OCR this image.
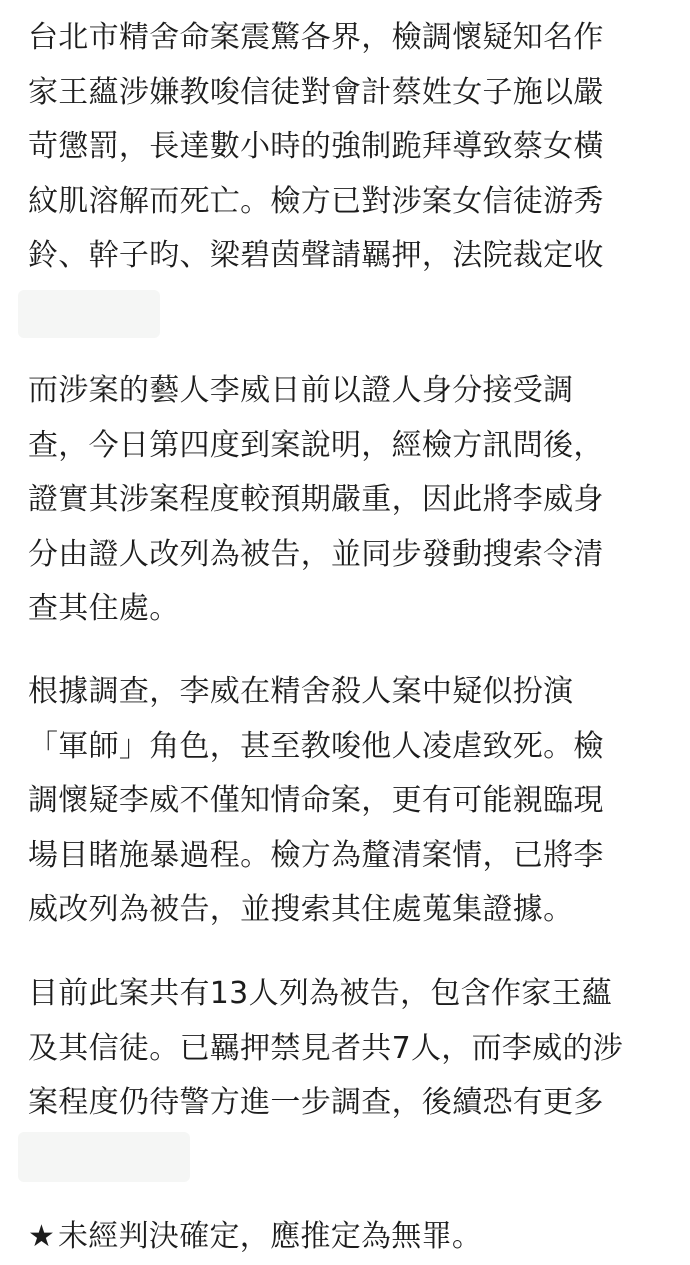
台北市精舍命案震驚各界，檢調懷疑知名作
家王蘊涉嫌教唆信徒對會計蔡姓女子施以嚴
苛懲罰，長達數小時的強制跪拜導致蔡女橫
紋肌溶解而死亡。檢方已對涉案女信徒游秀
鈴、幹子昀、梁碧茵聲請羈押，法院裁定收

而涉案的藝人李威日前以證人身分接受調
查，今日第四度到案說明，經檢方訊問後，
證實其涉案程度較預期嚴重，因此將李威身
分由證人改列為被告，並同步發動搜索令清
查其住處。

根據調查，李威在精舍殺人案中疑似扮演
「軍師」角色，甚至教唆他人凌虐致死。檢
調懷疑李威不僅知情命案，更有可能親臨現
場目睹施暴過程。檢方為釐清案情，已將李
威改列為被告，並搜索其住處蒐集證據。

目前此案共有13人列為被告，包含作家王蘊
及其信徒。已羈押禁見者共7人，而李威的涉
案程度仍待警方進一步調查，後續恐有更多

★未經判決確定，應推定為無罪。
